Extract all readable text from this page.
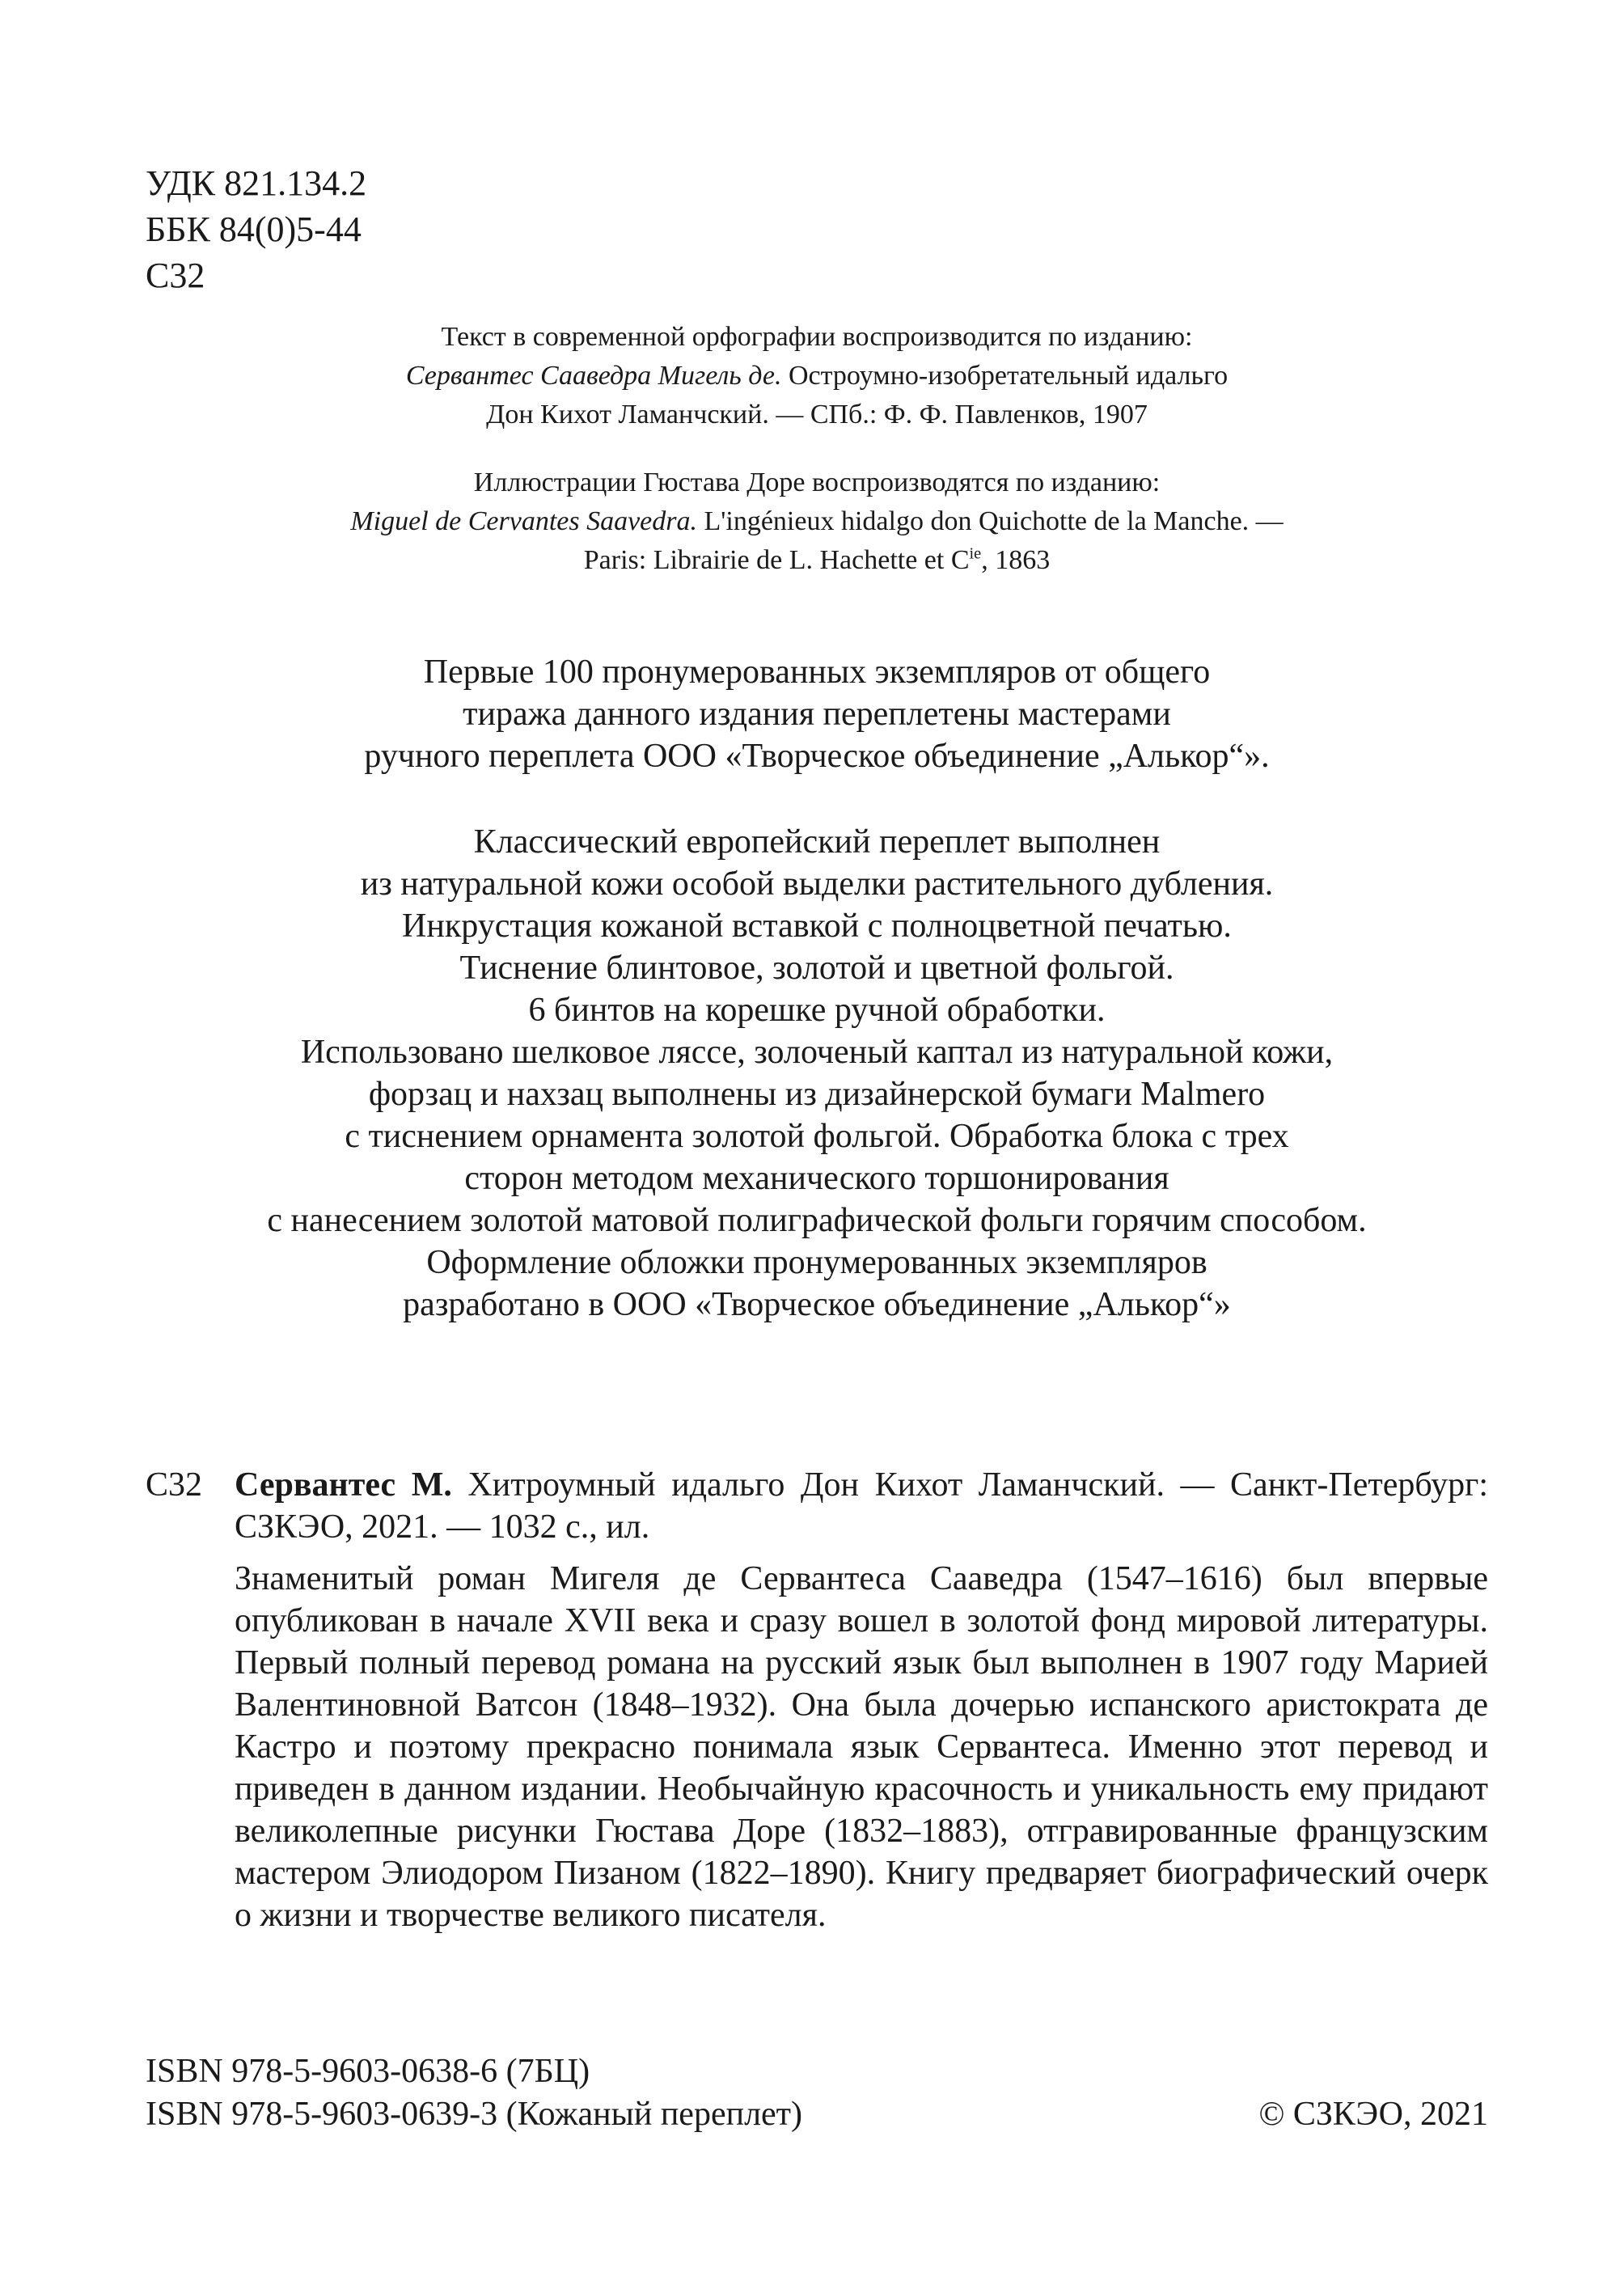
УДК 821.134.2
ББК 84(0)5-44
С32
Текст в современной орфографии воспроизводится по изданию:
Сервантес Сааведра Мигель де. Остроумно-изобретательный идальго
Дон Кихот Ламанчский. — СПб.: Ф. Ф. Павленков, 1907
Иллюстрации Гюстава Доре воспроизводятся по изданию:
Miguel de Cervantes Saavedra. L'ingénieux hidalgo don Quichotte de la Manche. —
Paris: Librairie de L. Hachette et $C^{ie}$, 1863
Первые 100 пронумерованных экземпляров от общего
тиража данного издания переплетены мастерами
ручного переплета ООО «Творческое объединение „Алькор“».
Классический европейский переплет выполнен
из натуральной кожи особой выделки растительного дубления.
Инкрустация кожаной вставкой с полноцветной печатью.
Тиснение блинтовое, золотой и цветной фольгой.
6 бинтов на корешке ручной обработки.
Использовано шелковое ляссе, золоченый каптал из натуральной кожи,
форзац и нахзац выполнены из дизайнерской бумаги Malmero
с тиснением орнамента золотой фольгой. Обработка блока с трех
сторон методом механического торшонирования
с нанесением золотой матовой полиграфической фольги горячим способом.
Оформление обложки пронумерованных экземпляров
разработано в ООО «Творческое объединение „Алькор“»
С32 Сервантес М. Хитроумный идальго Дон Кихот Ламанчский. — Санкт-Петербург: СЗКЭО, 2021. — 1032 с., ил.
Знаменитый роман Мигеля де Сервантеса Сааведра (1547–1616) был впервые опубликован в начале XVII века и сразу вошел в золотой фонд мировой литературы. Первый полный перевод романа на русский язык был выполнен в 1907 году Марией Валентиновной Ватсон (1848–1932). Она была дочерью испанского аристократа де Кастро и поэтому прекрасно понимала язык Сервантеса. Именно этот перевод и приведен в данном издании. Необычайную красочность и уникальность ему придают великолепные рисунки Гюстава Доре (1832–1883), отгравированные французским мастером Элиодором Пизаном (1822–1890). Книгу предваряет биографический очерк о жизни и творчестве великого писателя.
ISBN 978-5-9603-0638-6 (7БЦ)
ISBN 978-5-9603-0639-3 (Кожаный переплет)	© СЗКЭО, 2021
